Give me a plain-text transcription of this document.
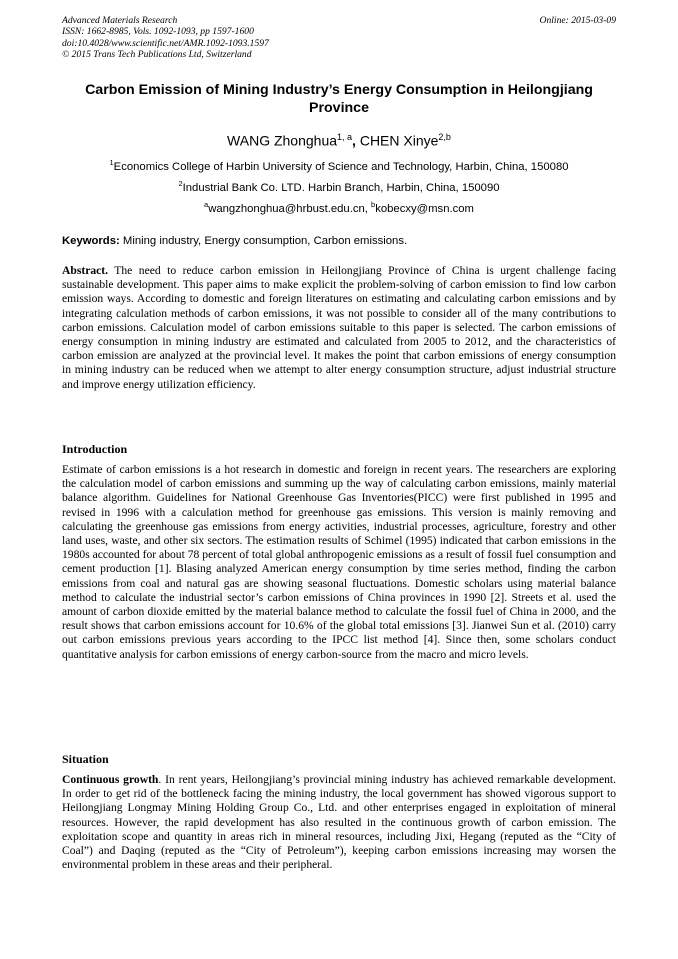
Advanced Materials Research	Online: 2015-03-09
ISSN: 1662-8985, Vols. 1092-1093, pp 1597-1600
doi:10.4028/www.scientific.net/AMR.1092-1093.1597
© 2015 Trans Tech Publications Ltd, Switzerland
Carbon Emission of Mining Industry’s Energy Consumption in Heilongjiang Province
WANG Zhonghua$^{1, a}$, CHEN Xinye$^{2,b}$
$^1$Economics College of Harbin University of Science and Technology, Harbin, China, 150080
$^2$Industrial Bank Co. LTD. Harbin Branch, Harbin, China, 150090
$^a$wangzhonghua@hrbust.edu.cn, $^b$kobecxy@msn.com
Keywords: Mining industry, Energy consumption, Carbon emissions.
Abstract. The need to reduce carbon emission in Heilongjiang Province of China is urgent challenge facing sustainable development. This paper aims to make explicit the problem-solving of carbon emission to find low carbon emission ways. According to domestic and foreign literatures on estimating and calculating carbon emissions and by integrating calculation methods of carbon emissions, it was not possible to consider all of the many contributions to carbon emissions. Calculation model of carbon emissions suitable to this paper is selected. The carbon emissions of energy consumption in mining industry are estimated and calculated from 2005 to 2012, and the characteristics of carbon emission are analyzed at the provincial level. It makes the point that carbon emissions of energy consumption in mining industry can be reduced when we attempt to alter energy consumption structure, adjust industrial structure and improve energy utilization efficiency.
Introduction
Estimate of carbon emissions is a hot research in domestic and foreign in recent years. The researchers are exploring the calculation model of carbon emissions and summing up the way of calculating carbon emissions, mainly material balance algorithm. Guidelines for National Greenhouse Gas Inventories(PICC) were first published in 1995 and revised in 1996 with a calculation method for greenhouse gas emissions. This version is mainly removing and calculating the greenhouse gas emissions from energy activities, industrial processes, agriculture, forestry and other land uses, waste, and other six sectors. The estimation results of Schimel (1995) indicated that carbon emissions in the 1980s accounted for about 78 percent of total global anthropogenic emissions as a result of fossil fuel consumption and cement production [1]. Blasing analyzed American energy consumption by time series method, finding the carbon emissions from coal and natural gas are showing seasonal fluctuations. Domestic scholars using material balance method to calculate the industrial sector’s carbon emissions of China provinces in 1990 [2]. Streets et al. used the amount of carbon dioxide emitted by the material balance method to calculate the fossil fuel of China in 2000, and the result shows that carbon emissions account for 10.6% of the global total emissions [3]. Jianwei Sun et al. (2010) carry out carbon emissions previous years according to the IPCC list method [4]. Since then, some scholars conduct quantitative analysis for carbon emissions of energy carbon-source from the macro and micro levels.
Situation
Continuous growth. In rent years, Heilongjiang’s provincial mining industry has achieved remarkable development. In order to get rid of the bottleneck facing the mining industry, the local government has showed vigorous support to Heilongjiang Longmay Mining Holding Group Co., Ltd. and other enterprises engaged in exploitation of mineral resources. However, the rapid development has also resulted in the continuous growth of carbon emission. The exploitation scope and quantity in areas rich in mineral resources, including Jixi, Hegang (reputed as the “City of Coal”) and Daqing (reputed as the “City of Petroleum”), keeping carbon emissions increasing may worsen the environmental problem in these areas and their peripheral.
